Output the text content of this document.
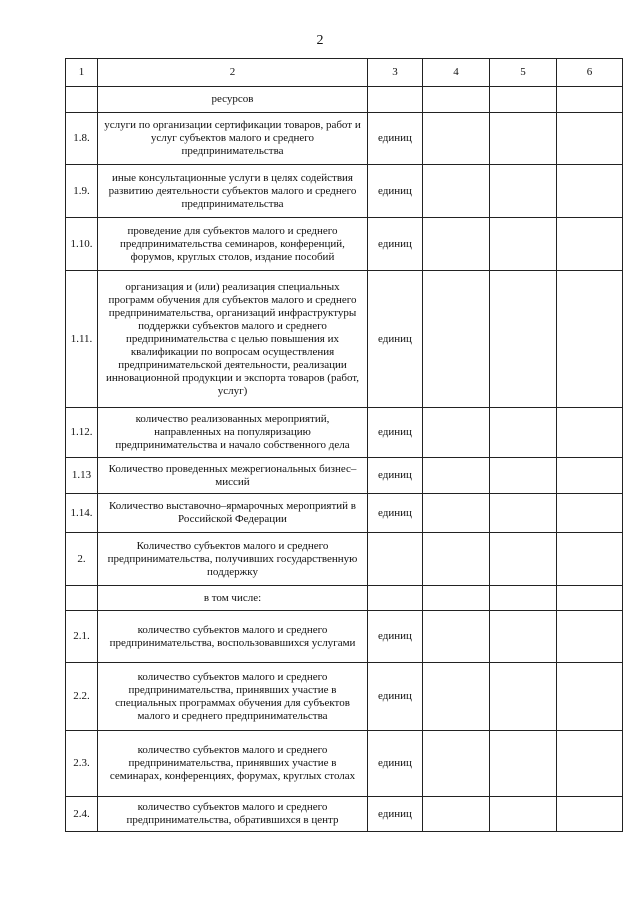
2
1	2	3	4	5	6
	ресурсов				
1.8.	услуги по организации сертификации товаров, работ и услуг субъектов малого и среднего предпринимательства	единиц			
1.9.	иные консультационные услуги в целях содействия развитию деятельности субъектов малого и среднего предпринимательства	единиц			
1.10.	проведение для субъектов малого и среднего предпринимательства семинаров, конференций, форумов, круглых столов, издание пособий	единиц			
1.11.	организация и (или) реализация специальных программ обучения для субъектов малого и среднего предпринимательства, организаций инфраструктуры поддержки субъектов малого и среднего предпринимательства с целью повышения их квалификации по вопросам осуществления предпринимательской деятельности, реализации инновационной продукции и экспорта товаров (работ, услуг)	единиц			
1.12.	количество реализованных мероприятий, направленных на популяризацию предпринимательства и начало собственного дела	единиц			
1.13	Количество проведенных межрегиональных бизнес–миссий	единиц			
1.14.	Количество выставочно–ярмарочных мероприятий в Российской Федерации	единиц			
2.	Количество субъектов малого и среднего предпринимательства, получивших государственную поддержку				
	в том числе:				
2.1.	количество субъектов малого и среднего предпринимательства, воспользовавшихся услугами	единиц			
2.2.	количество субъектов малого и среднего предпринимательства, принявших участие в специальных программах обучения для субъектов малого и среднего предпринимательства	единиц			
2.3.	количество субъектов малого и среднего предпринимательства, принявших участие в семинарах, конференциях, форумах, круглых столах	единиц			
2.4.	количество субъектов малого и среднего предпринимательства, обратившихся в центр	единиц			
